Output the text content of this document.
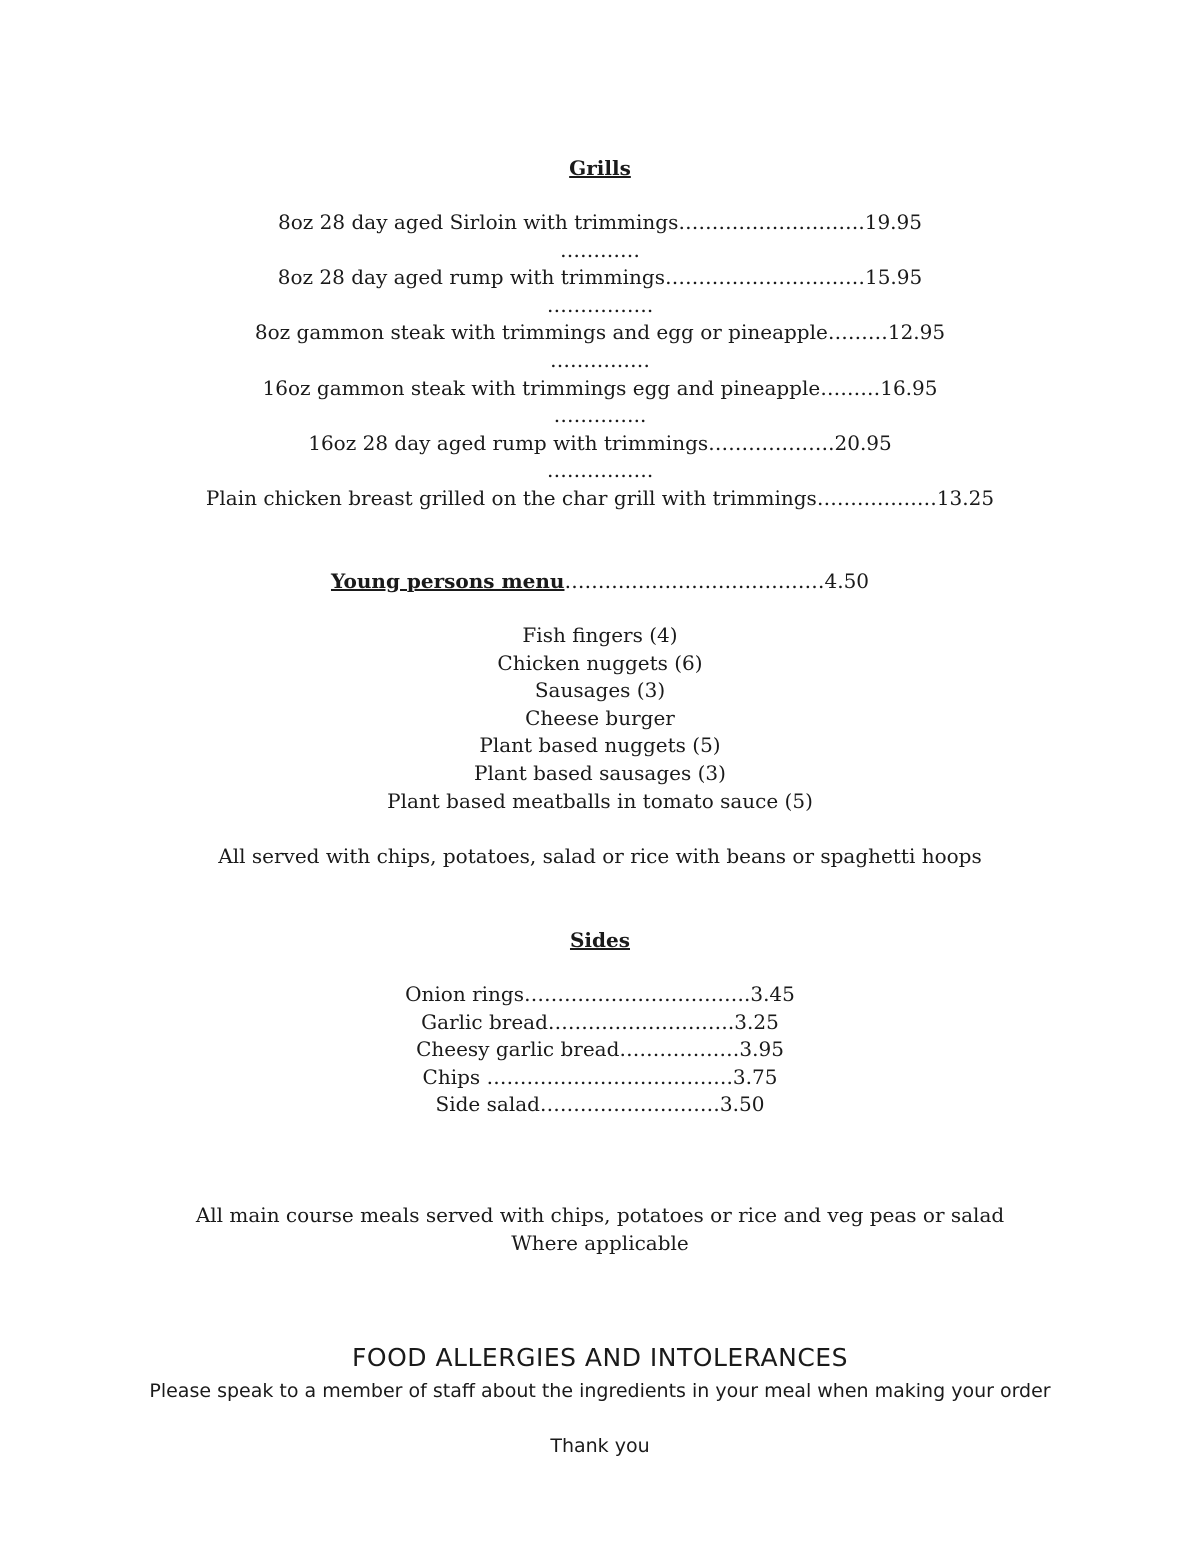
Grills
8oz 28 day aged Sirloin with trimmings……………………….19.95
…………
8oz 28 day aged rump with trimmings…………………………15.95
…………….
8oz gammon steak with trimmings and egg or pineapple………12.95
……………
16oz gammon steak with trimmings egg and pineapple………16.95
…………..
16oz 28 day aged rump with trimmings……………….20.95
…………….
Plain chicken breast grilled on the char grill with trimmings………………13.25
Young persons menu…………………………………4.50
Fish fingers (4)
Chicken nuggets (6)
Sausages (3)
Cheese burger
Plant based nuggets (5)
Plant based sausages (3)
Plant based meatballs in tomato sauce (5)
All served with chips, potatoes, salad or rice with beans or spaghetti hoops
Sides
Onion rings…………………………….3.45
Garlic bread……………………….3.25
Cheesy garlic bread………………3.95
Chips ……………………………….3.75
Side salad………………………3.50
All main course meals served with chips, potatoes or rice and veg peas or salad
Where applicable
FOOD ALLERGIES AND INTOLERANCES
Please speak to a member of staff about the ingredients in your meal when making your order
Thank you
